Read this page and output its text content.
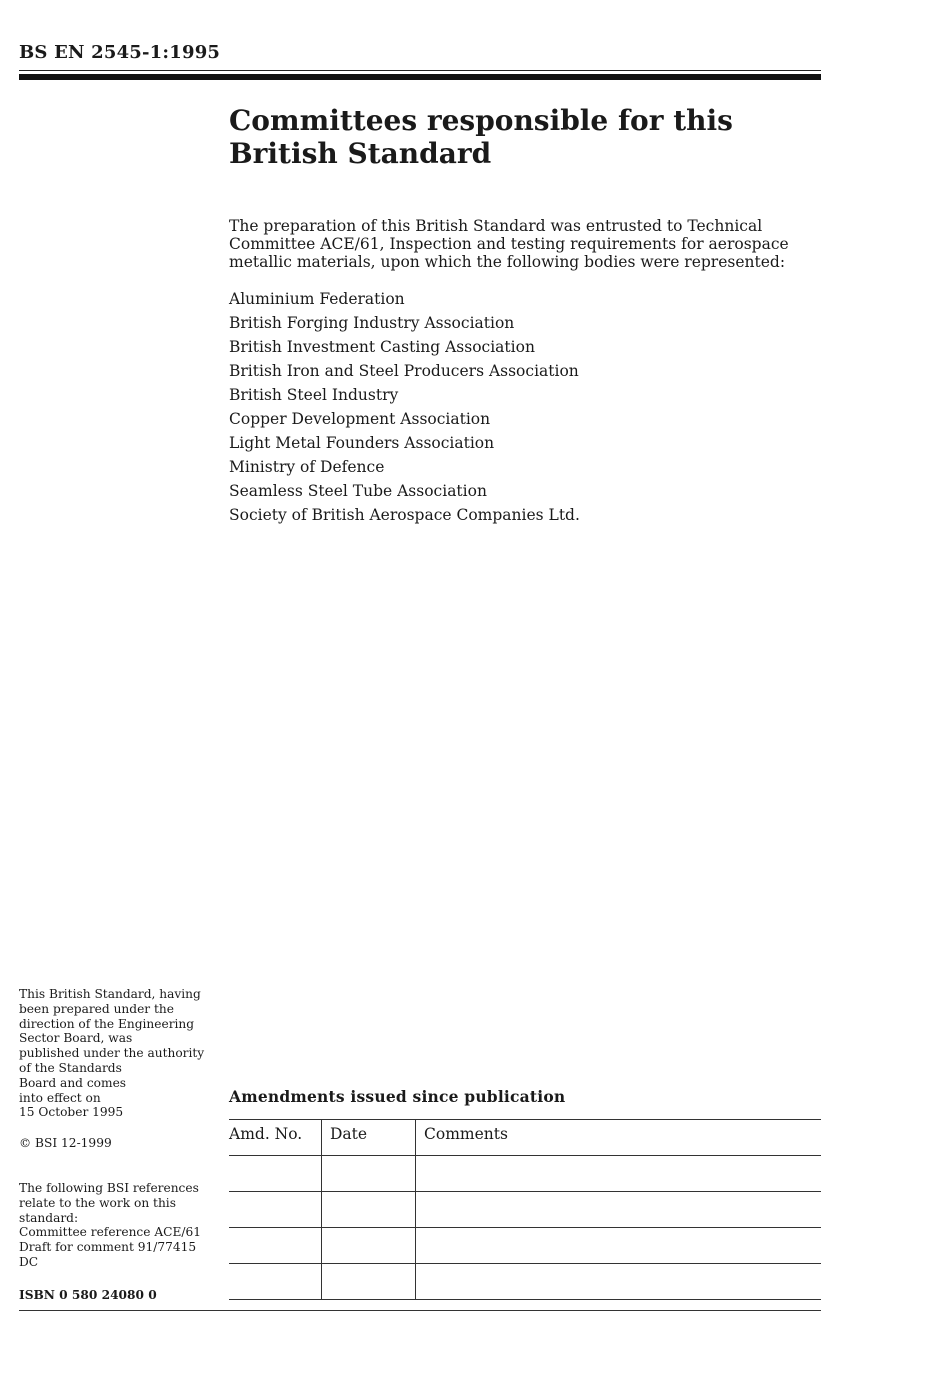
BS EN 2545-1:1995
Committees responsible for this
British Standard

The preparation of this British Standard was entrusted to Technical Committee ACE/61, Inspection and testing requirements for aerospace metallic materials, upon which the following bodies were represented:

Aluminium Federation
British Forging Industry Association
British Investment Casting Association
British Iron and Steel Producers Association
British Steel Industry
Copper Development Association
Light Metal Founders Association
Ministry of Defence
Seamless Steel Tube Association
Society of British Aerospace Companies Ltd.

This British Standard, having

been prepared under the

direction of the Engineering

Sector Board, was

published under the authority

of the Standards

Board and comes

into effect on

15 October 1995

© BSI 12-1999

The following BSI references

relate to the work on this

standard:

Committee reference ACE/61

Draft for comment 91/77415 DC

ISBN 0 580 24080 0
Amendments issued since publication
Amd. No.	Date	Comments
